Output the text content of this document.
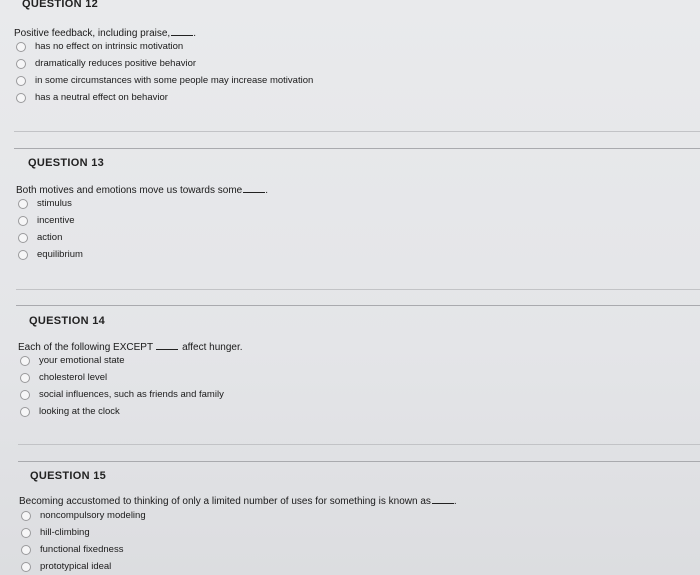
QUESTION 12
Positive feedback, including praise, .
has no effect on intrinsic motivation
dramatically reduces positive behavior
in some circumstances with some people may increase motivation
has a neutral effect on behavior
QUESTION 13
Both motives and emotions move us towards some .
stimulus
incentive
action
equilibrium
QUESTION 14
Each of the following EXCEPT	affect hunger.
your emotional state
cholesterol level
social influences, such as friends and family
looking at the clock
QUESTION 15
Becoming accustomed to thinking of only a limited number of uses for something is known as .
noncompulsory modeling
hill-climbing
functional fixedness
prototypical ideal
